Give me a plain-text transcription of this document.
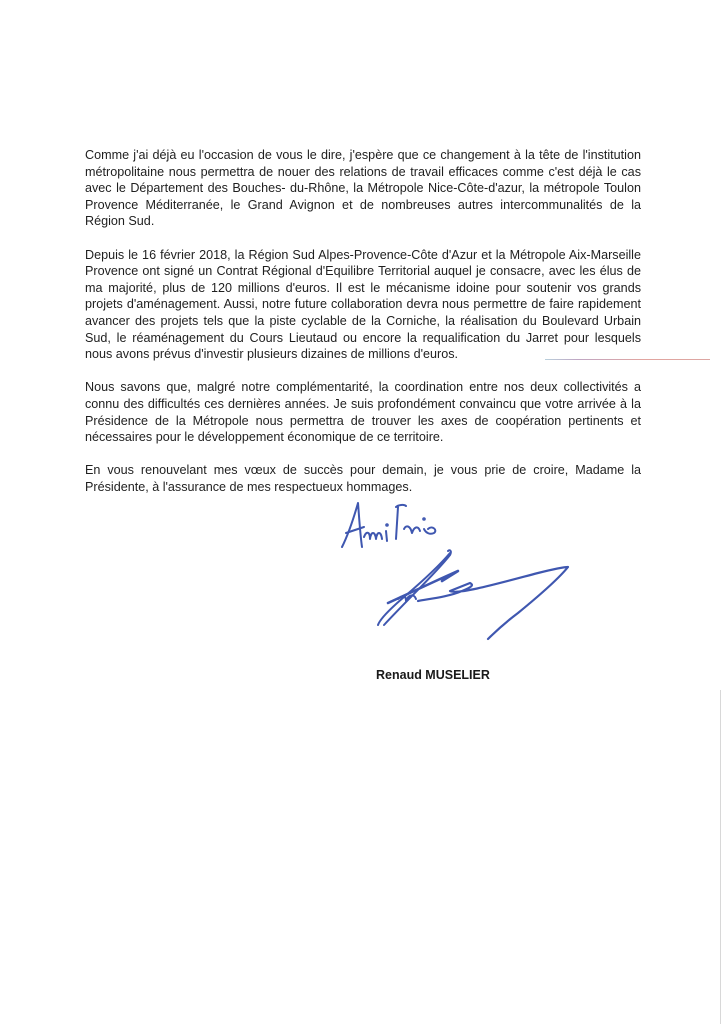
Comme j'ai déjà eu l'occasion de vous le dire, j'espère que ce changement à la tête de l'institution métropolitaine nous permettra de nouer des relations de travail efficaces comme c'est déjà le cas avec le Département des Bouches- du-Rhône, la Métropole Nice-Côte-d'azur, la métropole Toulon Provence Méditerranée, le Grand Avignon et de nombreuses autres intercommunalités de la Région Sud.

Depuis le 16 février 2018, la Région Sud Alpes-Provence-Côte d'Azur et la Métropole Aix-Marseille Provence ont signé un Contrat Régional d'Equilibre Territorial auquel je consacre, avec les élus de ma majorité, plus de 120 millions d'euros. Il est le mécanisme idoine pour soutenir vos grands projets d'aménagement. Aussi, notre future collaboration devra nous permettre de faire rapidement avancer des projets tels que la piste cyclable de la Corniche, la réalisation du Boulevard Urbain Sud, le réaménagement du Cours Lieutaud ou encore la requalification du Jarret pour lesquels nous avons prévus d'investir plusieurs dizaines de millions d'euros.

Nous savons que, malgré notre complémentarité, la coordination entre nos deux collectivités a connu des difficultés ces dernières années. Je suis profondément convaincu que votre arrivée à la Présidence de la Métropole nous permettra de trouver les axes de coopération pertinents et nécessaires pour le développement économique de ce territoire.

En vous renouvelant mes vœux de succès pour demain, je vous prie de croire, Madame la Présidente, à l'assurance de mes respectueux hommages.

Renaud MUSELIER
